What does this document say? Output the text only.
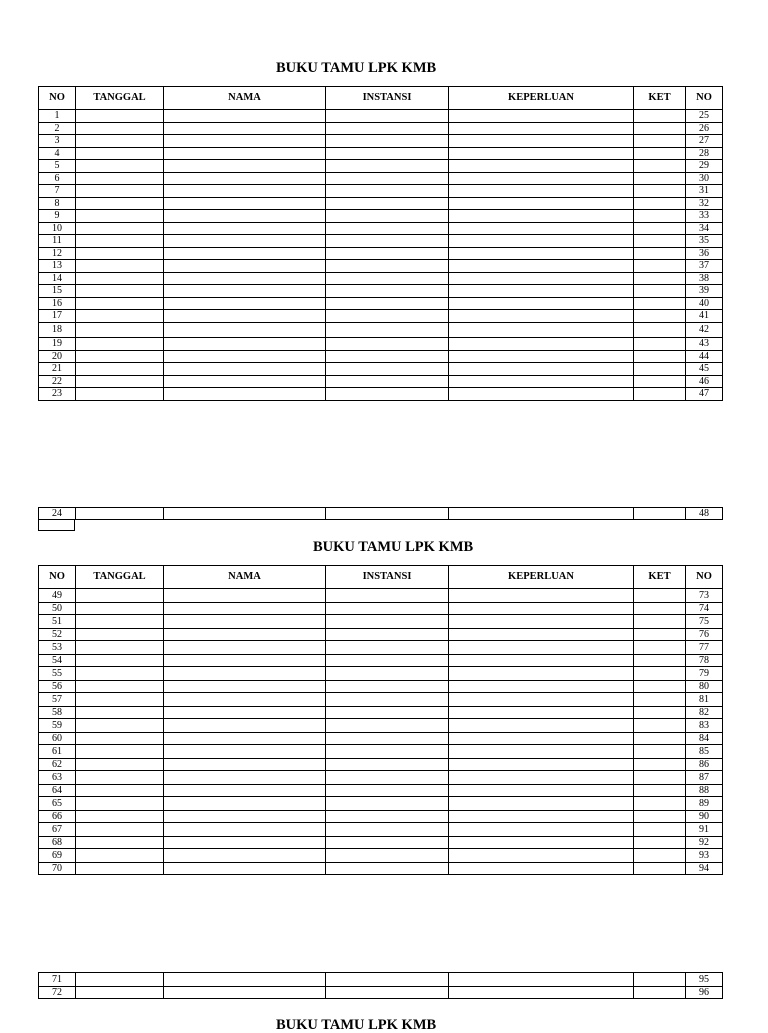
BUKU TAMU LPK KMB
NO	TANGGAL	NAMA	INSTANSI	KEPERLUAN	KET	NO
1						25
2						26
3						27
4						28
5						29
6						30
7						31
8						32
9						33
10						34
11						35
12						36
13						37
14						38
15						39
16						40
17						41
18						42
19						43
20						44
21						45
22						46
23						47
24						48
BUKU TAMU LPK KMB
NO	TANGGAL	NAMA	INSTANSI	KEPERLUAN	KET	NO
49						73
50						74
51						75
52						76
53						77
54						78
55						79
56						80
57						81
58						82
59						83
60						84
61						85
62						86
63						87
64						88
65						89
66						90
67						91
68						92
69						93
70						94
71						95
72						96
BUKU TAMU LPK KMB
